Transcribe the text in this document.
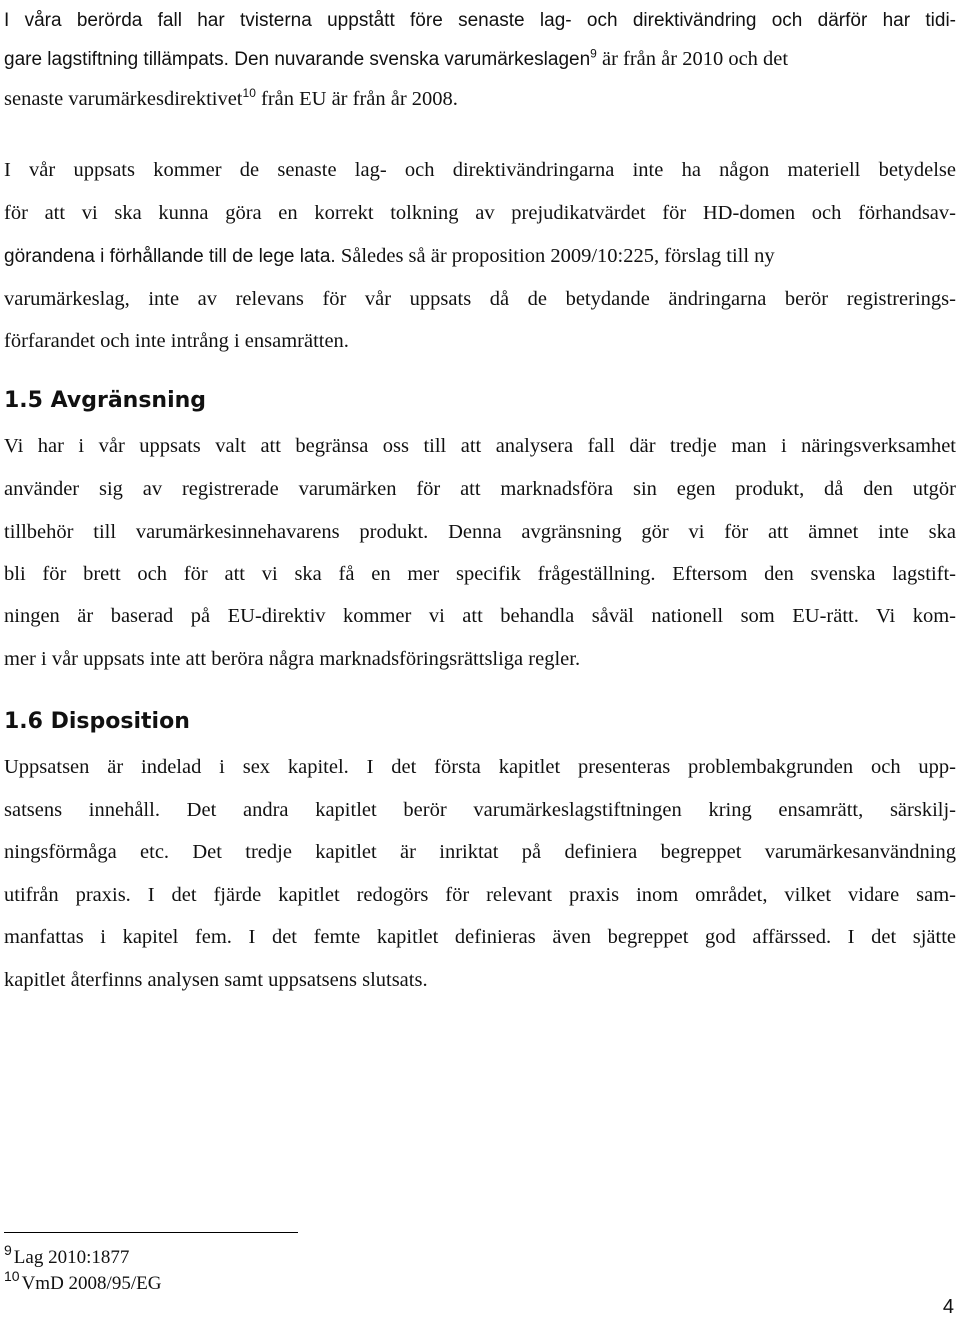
I våra berörda fall har tvisterna uppstått före senaste lag- och direktivändring och därför har tidi-
gare lagstiftning tillämpats. Den nuvarande svenska varumärkeslagen$^9$ är från år 2010 och det
senaste varumärkesdirektivet$^{10}$ från EU är från år 2008.
I vår uppsats kommer de senaste lag- och direktivändringarna inte ha någon materiell betydelse
för att vi ska kunna göra en korrekt tolkning av prejudikatvärdet för HD-domen och förhandsav-
görandena i förhållande till de lege lata. Således så är proposition 2009/10:225, förslag till ny
varumärkeslag, inte av relevans för vår uppsats då de betydande ändringarna berör registrerings-
förfarandet och inte intrång i ensamrätten.
1.5 Avgränsning
Vi har i vår uppsats valt att begränsa oss till att analysera fall där tredje man i näringsverksamhet
använder sig av registrerade varumärken för att marknadsföra sin egen produkt, då den utgör
tillbehör till varumärkesinnehavarens produkt. Denna avgränsning gör vi för att ämnet inte ska
bli för brett och för att vi ska få en mer specifik frågeställning. Eftersom den svenska lagstift-
ningen är baserad på EU-direktiv kommer vi att behandla såväl nationell som EU-rätt. Vi kom-
mer i vår uppsats inte att beröra några marknadsföringsrättsliga regler.
1.6 Disposition
Uppsatsen är indelad i sex kapitel. I det första kapitlet presenteras problembakgrunden och upp-
satsens innehåll. Det andra kapitlet berör varumärkeslagstiftningen kring ensamrätt, särskilj-
ningsförmåga etc. Det tredje kapitlet är inriktat på definiera begreppet varumärkesanvändning
utifrån praxis. I det fjärde kapitlet redogörs för relevant praxis inom området, vilket vidare sam-
manfattas i kapitel fem. I det femte kapitlet definieras även begreppet god affärssed. I det sjätte
kapitlet återfinns analysen samt uppsatsens slutsats.
$^9$ Lag 2010:1877
$^{10}$ VmD 2008/95/EG
4
